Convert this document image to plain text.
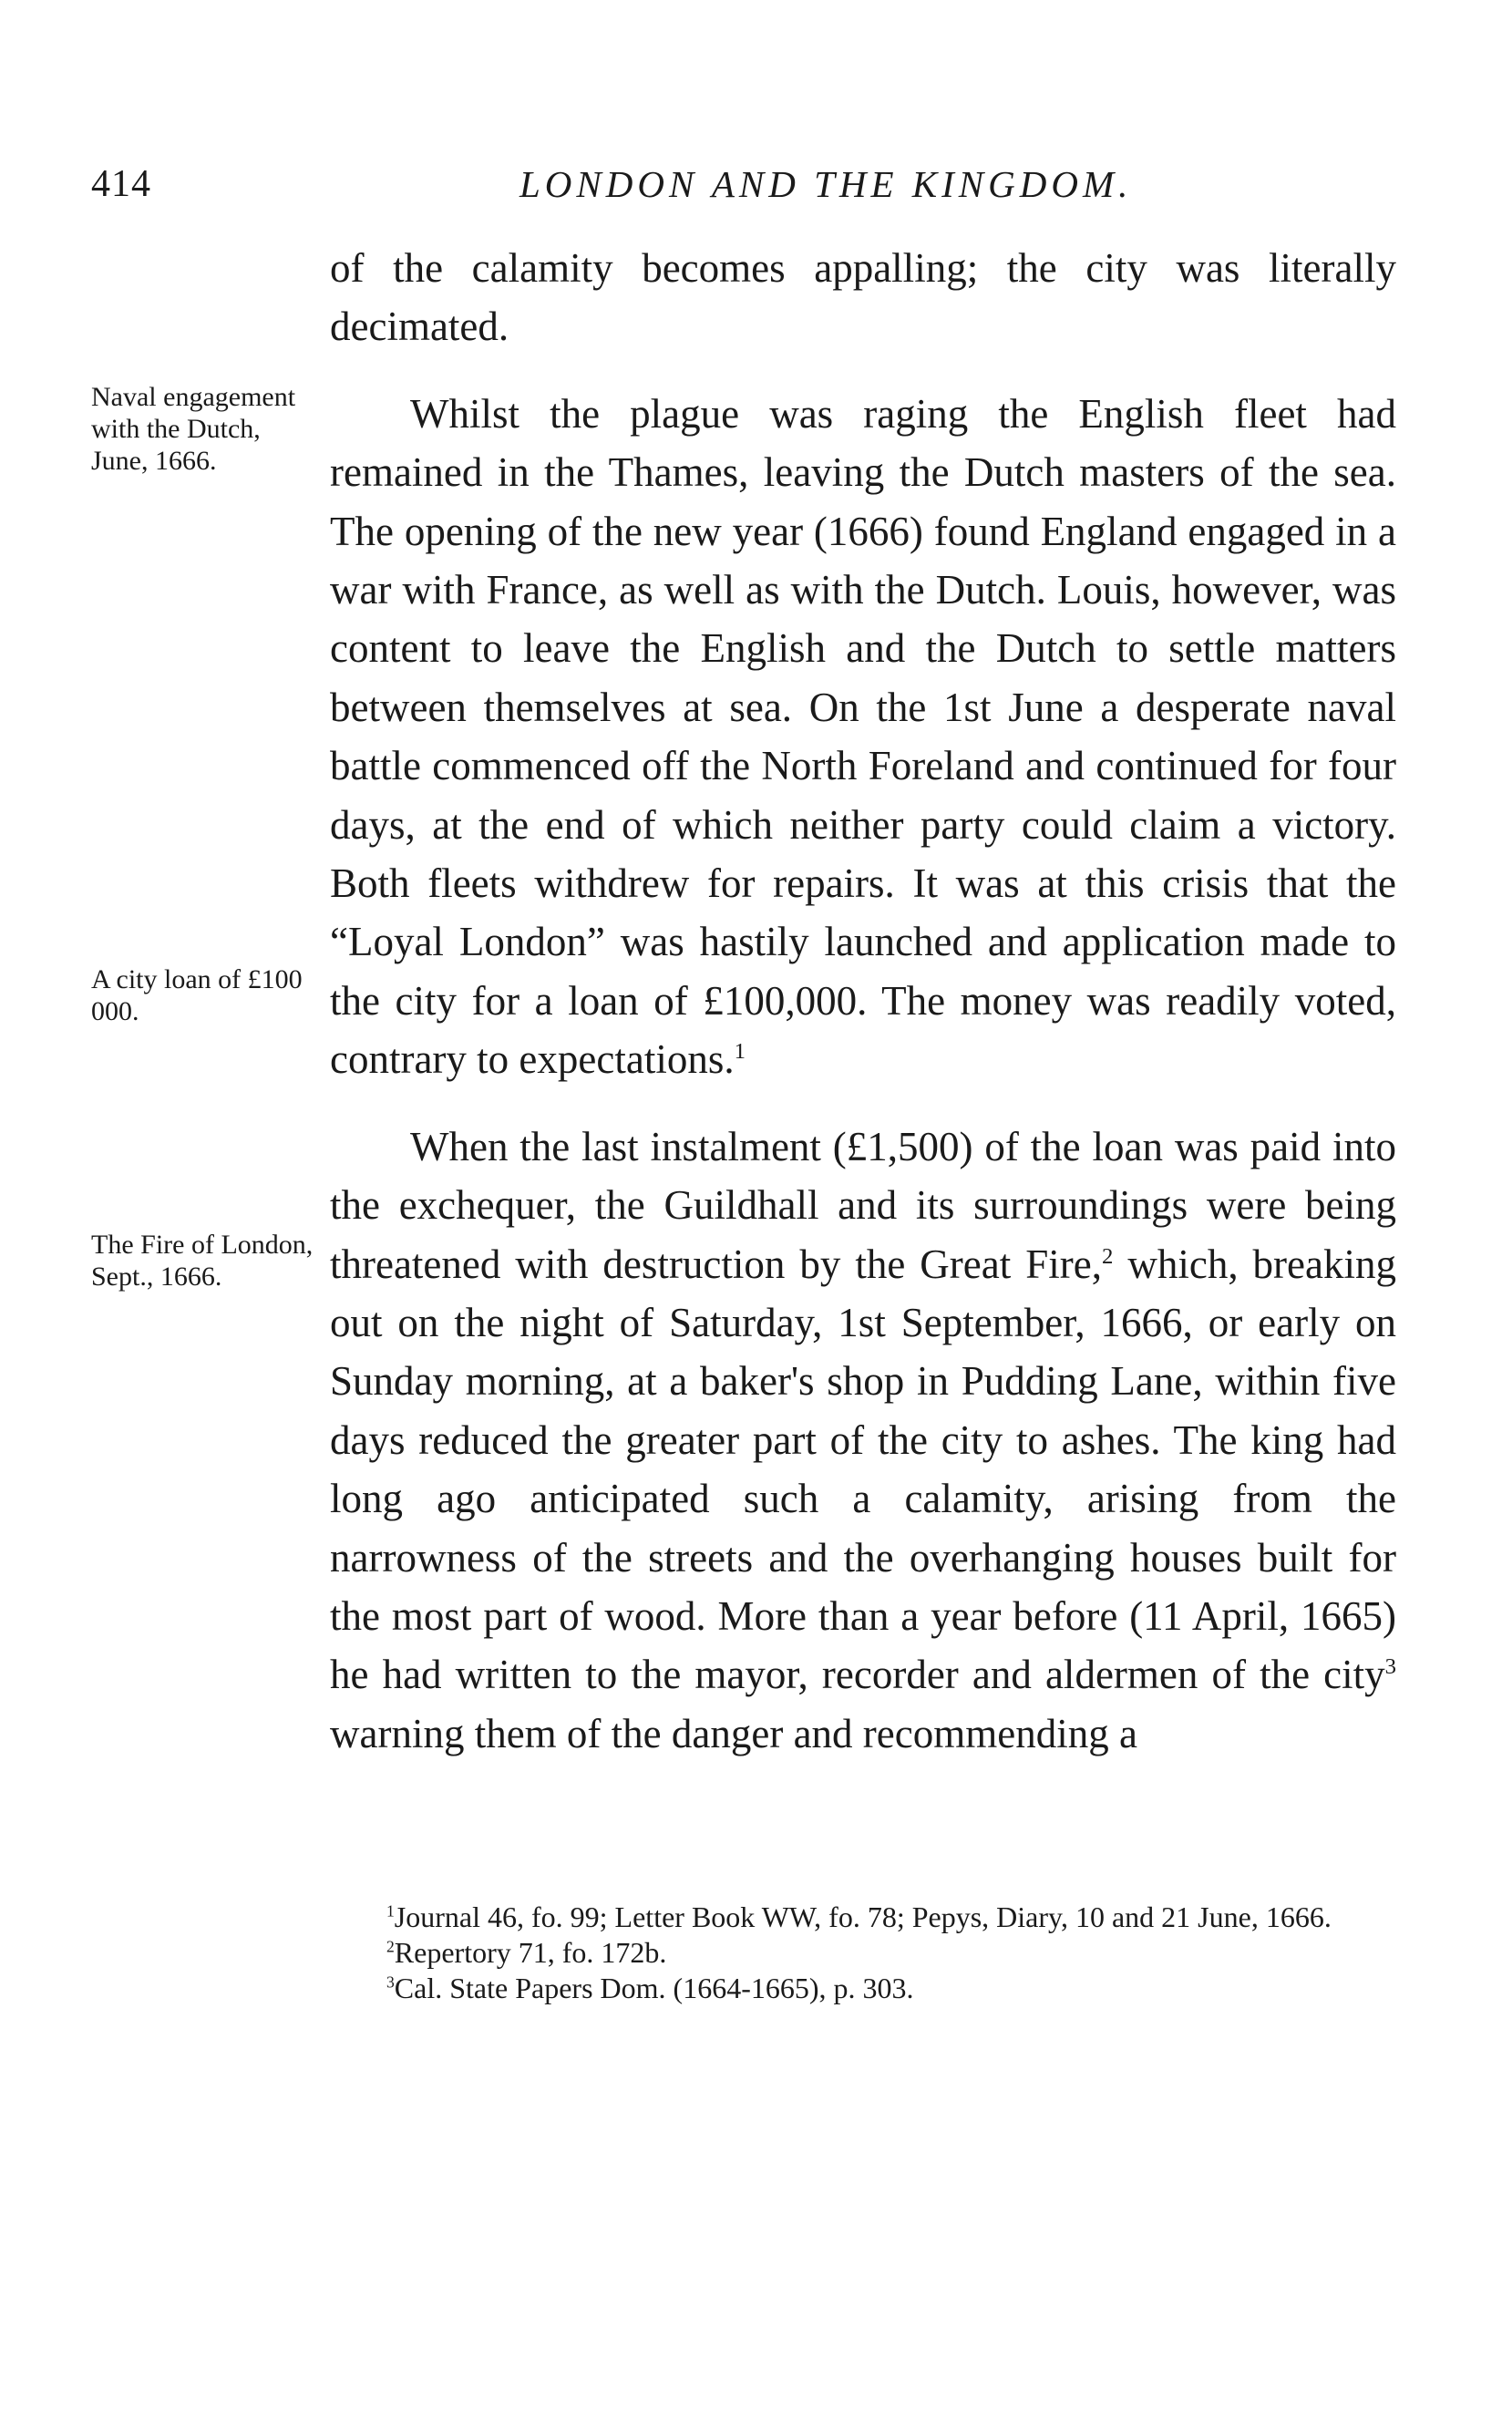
414	LONDON AND THE KINGDOM.
Naval engagement with the Dutch, June, 1666.
A city loan of £100 000.
The Fire of London, Sept., 1666.

of the calamity becomes appalling; the city was literally decimated.

Whilst the plague was raging the English fleet had remained in the Thames, leaving the Dutch masters of the sea. The opening of the new year (1666) found England engaged in a war with France, as well as with the Dutch. Louis, however, was content to leave the English and the Dutch to settle matters between themselves at sea. On the 1st June a desperate naval battle commenced off the North Foreland and continued for four days, at the end of which neither party could claim a victory. Both fleets withdrew for repairs. It was at this crisis that the “Loyal London” was hastily launched and application made to the city for a loan of £100,000. The money was readily voted, contrary to expectations.$^1$

When the last instalment (£1,500) of the loan was paid into the exchequer, the Guildhall and its surroundings were being threatened with destruction by the Great Fire,$^2$ which, breaking out on the night of Saturday, 1st September, 1666, or early on Sunday morning, at a baker's shop in Pudding Lane, within five days reduced the greater part of the city to ashes. The king had long ago anticipated such a calamity, arising from the narrowness of the streets and the overhanging houses built for the most part of wood. More than a year before (11 April, 1665) he had written to the mayor, recorder and aldermen of the city$^3$ warning them of the danger and recommending a

$^1$Journal 46, fo. 99; Letter Book WW, fo. 78; Pepys, Diary, 10 and 21 June, 1666.

$^2$Repertory 71, fo. 172b.

$^3$Cal. State Papers Dom. (1664-1665), p. 303.
